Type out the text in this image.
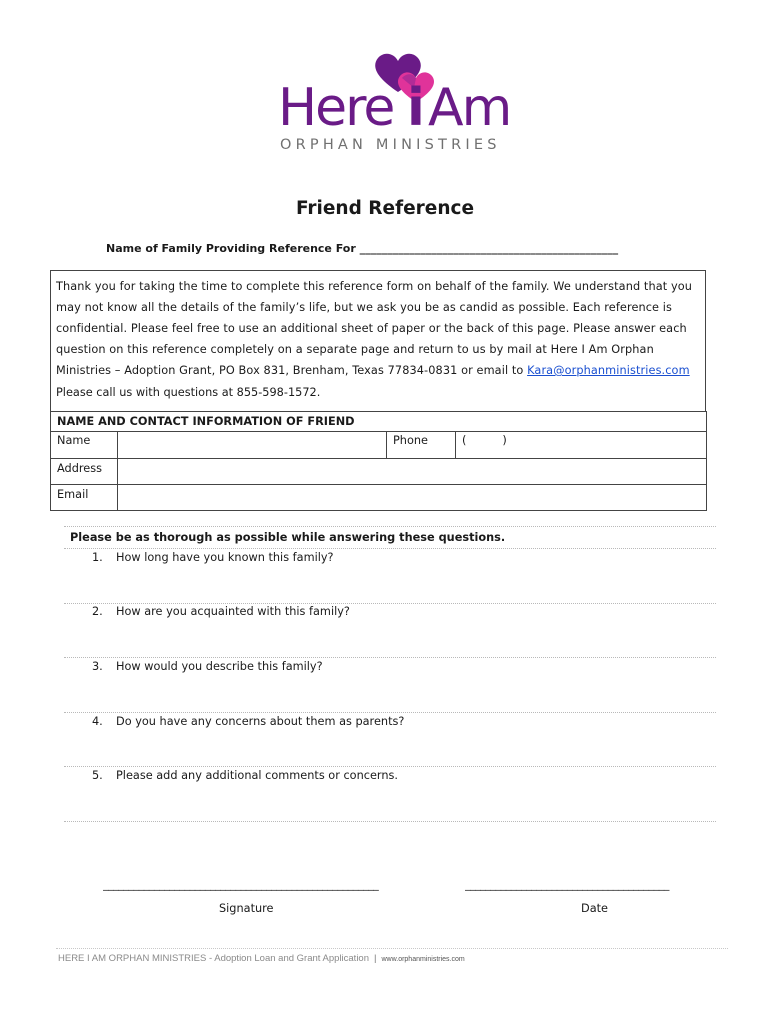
Here i Am
ORPHAN MINISTRIES
Friend Reference
Name of Family Providing Reference For _______________________________________________
Thank you for taking the time to complete this reference form on behalf of the family. We understand that you may not know all the details of the family’s life, but we ask you be as candid as possible. Each reference is confidential. Please feel free to use an additional sheet of paper or the back of this page. Please answer each question on this reference completely on a separate page and return to us by mail at Here I Am Orphan Ministries – Adoption Grant, PO Box 831, Brenham, Texas 77834-0831 or email to Kara@orphanministries.com
Please call us with questions at 855-598-1572.
NAME AND CONTACT INFORMATION OF FRIEND			
Name		Phone	(          )
Address			
Email			
Please be as thorough as possible while answering these questions.
1. How long have you known this family?
2. How are you acquainted with this family?
3. How would you describe this family?
4. Do you have any concerns about them as parents?
5. Please add any additional comments or concerns.
______________________________________________________	________________________________________
Signature	Date
HERE I AM ORPHAN MINISTRIES - Adoption Loan and Grant Application | www.orphanministries.com
